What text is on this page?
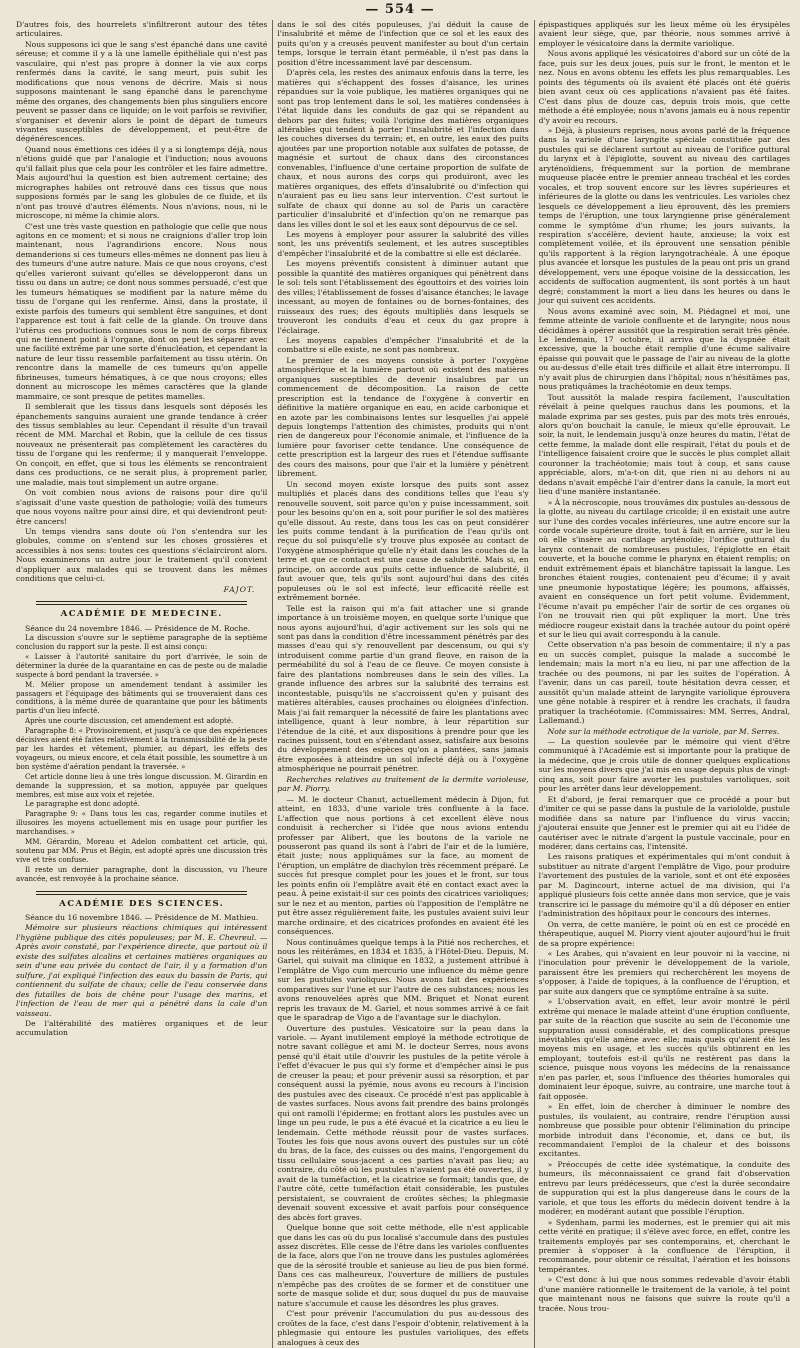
— 554 —

D'autres fois, des hourrelets s'infiltreront autour des têtes articulaires.

Nous supposons ici que le sang s'est épanché dans une cavité séreuse; et comme il y a là une lamelle épithéliale qui n'est pas vasculaire, qui n'est pas propre à donner la vie aux corps renfermés dans la cavité, le sang meurt, puis subit les modifications que nous venons de décrire. Mais si nous supposons maintenant le sang épanché dans le parenchyme même des organes, des changements bien plus singuliers encore peuvent se passer dans ce liquide; on le voit parfois se revivifier, s'organiser et devenir alors le point de départ de tumeurs vivantes susceptibles de développement, et peut-être de dégénérescences.

Quand nous émettions ces idées il y a si longtemps déjà, nous n'étions guidé que par l'analogie et l'induction; nous avouons qu'il fallait plus que cela pour les contrôler et les faire admettre. Mais aujourd'hui la question est bien autrement certaine; des micrographes habiles ont retrouvé dans ces tissus que nous supposions formés par le sang les globules de ce fluide, et ils n'ont pas trouvé d'autres éléments. Nous n'avions, nous, ni le microscope, ni même la chimie alors.

C'est une très vaste question en pathologie que celle que nous agitons en ce moment; et si nous ne craignions d'aller trop loin maintenant, nous l'agrandirions encore. Nous nous demanderions si ces tumeurs elles-mêmes ne donnent pas lieu à des tumeurs d'une autre nature. Mais ce que nous croyons, c'est qu'elles varieront suivant qu'elles se développeront dans un tissu ou dans un autre; ce dont nous sommes persuadé, c'est que les tumeurs hématiques se modifient par la nature même du tissu de l'organe qui les renferme. Ainsi, dans la prostate, il existe parfois des tumeurs qui semblent être sanguines, et dont l'apparence est tout à fait celle de la glande. On trouve dans l'utérus ces productions connues sous le nom de corps fibreux qui ne tiennent point à l'organe, dont on peut les séparer avec une facilité extrême par une sorte d'énucléation, et cependant la nature de leur tissu ressemble parfaitement au tissu utérin. On rencontre dans la mamelle de ces tumeurs qu'on appelle fibrineuses, tumeurs hématiques, à ce que nous croyons; elles donnent au microscope les mêmes caractères que la glande mammaire, ce sont presque de petites mamelles.

Il semblerait que les tissus dans lesquels sont déposés les épanchements sanguins auraient une grande tendance à créer des tissus semblables au leur. Cependant il résulte d'un travail récent de MM. Marchal et Robin, que la cellule de ces tissus nouveaux ne présenterait pas complètement les caractères du tissu de l'organe qui les renferme; il y manquerait l'enveloppe. On conçoit, en effet, que si tous les éléments se rencontraient dans ces productions, ce ne serait plus, à proprement parler, une maladie, mais tout simplement un autre organe.

On voit combien nous avions de raisons pour dire qu'il s'agissait d'une vaste question de pathologie; voilà des tumeurs que nous voyons naître pour ainsi dire, et qui deviendront peut-être cancers!

Un temps viendra sans doute où l'on s'entendra sur les globules, comme on s'entend sur les choses grossières et accessibles à nos sens: toutes ces questions s'éclairciront alors. Nous examinerons un autre jour le traitement qu'il convient d'appliquer aux malades qui se trouvent dans les mêmes conditions que celui-ci.

FAJOT.
ACADÉMIE DE MEDECINE.

Séance du 24 novembre 1846. — Présidence de M. Roche.

La discussion s'ouvre sur le septième paragraphe de la septième conclusion du rapport sur la peste. Il est ainsi conçu:

« Laisser à l'autorité sanitaire du port d'arrivée, le soin de déterminer la durée de la quarantaine en cas de peste ou de maladie suspecte à bord pendant la traversée. »

M. Mélier propose un amendement tendant à assimiler les passagers et l'équipage des bâtiments qui se trouveraient dans ces conditions, à la même durée de quarantaine que pour les bâtiments partis d'un lieu infecté.

Après une courte discussion, cet amendement est adopté.

Paragraphe 8: « Provisoirement, et jusqu'à ce que des expériences décisives aient été faites relativement à la transmissibilité de la peste par les hardes et vêtement, plumier, au départ, les effets des voyageurs, ou mieux encore, et cela était possible, les soumettre à un bon système d'aération pendant la traversée. »

Cet article donne lieu à une très longue discussion. M. Girardin en demande la suppression, et sa motion, appuyée par quelques membres, est mise aux voix et rejetée.

Le paragraphe est donc adopté.

Paragraphe 9: « Dans tous les cas, regarder comme inutiles et illusoires les moyens actuellement mis en usage pour purifier les marchandises. »

MM. Gérardin, Moreau et Adelon combattent cet article, qui, soutenu par MM. Prus et Bégin, est adopté après une discussion très vive et très confuse.

Il reste un dernier paragraphe, dont la discussion, vu l'heure avancée, est renvoyée à la prochaine séance.

ACADÉMIE DES SCIENCES.

Séance du 16 novembre 1846. — Présidence de M. Mathieu.

Mémoire sur plusieurs réactions chimiques qui intéressent l'hygiène publique des cités populeuses; par M. E. Chevreul. — Après avoir constaté, par l'expérience directe, que partout où il existe des sulfates alcalins et certaines matières organiques au sein d'une eau privée du contact de l'air, il y a formation d'un sulfure, j'ai expliqué l'infection des eaux du bassin de Paris, qui contiennent du sulfate de chaux; celle de l'eau conservée dans des futailles de bois de chêne pour l'usage des marins, et l'infection de l'eau de mer qui a pénétré dans la cale d'un vaisseau.

De l'altérabilité des matières organiques et de leur accumulation

dans le sol des cités populeuses, j'ai déduit la cause de l'insalubrité et même de l'infection que ce sol et les eaux des puits qu'on y a creusés peuvent manifester au bout d'un certain temps, lorsque le terrain étant perméable, il n'est pas dans la position d'être incessamment lavé par descensum.

D'après cela, les restes des animaux enfouis dans la terre, les matières qui s'échappent des fosses d'aisance, les urines répandues sur la voie publique, les matières organiques qui ne sont pas trop lentement dans le sol, les matières condensées à l'état liquide dans les conduits de gaz qui se répandent au dehors par des fuites; voilà l'origine des matières organiques altérables qui tendent à porter l'insalubrité et l'infection dans les couches diverses du terrain; et, en outre, les eaux des puits ajoutées par une proportion notable aux sulfates de potasse, de magnésie et surtout de chaux dans des circonstances convenables, l'influence d'une certaine proportion de sulfate de chaux, et nous aurons des corps qui produiront, avec les matières organiques, des effets d'insalubrité ou d'infection qui n'auraient pas eu lieu sans leur intervention. C'est surtout le sulfate de chaux qui donne au sol de Paris un caractère particulier d'insalubrité et d'infection qu'on ne remarque pas dans les villes dont le sol et les eaux sont dépourvus de ce sel.

Les moyens à employer pour assurer la salubrité des villes sont, les uns préventifs seulement, et les autres susceptibles d'empêcher l'insalubrité et de la combattre si elle est déclarée.

Les moyens préventifs consistent à diminuer autant que possible la quantité des matières organiques qui pénètrent dans le sol: tels sont l'établissement des égouttoirs et des voiries loin des villes; l'établissement de fosses d'aisance étanches; le lavage incessant, au moyen de fontaines ou de bornes-fontaines, des ruisseaux des rues; des égouts multipliés dans lesquels se trouveront les conduits d'eau et ceux du gaz propre à l'éclairage.

Les moyens capables d'empêcher l'insalubrité et de la combattre si elle existe, ne sont pas nombreux.

Le premier de ces moyens consiste à porter l'oxygène atmosphérique et la lumière partout où existent des matières organiques susceptibles de devenir insalubres par un commencement de décomposition. La raison de cette prescription est la tendance de l'oxygène à convertir en définitive la matière organique en eau, en acide carbonique et en azote par les combinaisons lentes sur lesquelles j'ai appelé depuis longtemps l'attention des chimistes, produits qui n'ont rien de dangereux pour l'économie animale, et l'influence de la lumière pour favoriser cette tendance. Une conséquence de cette prescription est la largeur des rues et l'étendue suffisante des cours des maisons, pour que l'air et la lumière y pénètrent librement.

Un second moyen existe lorsque des puits sont assez multipliés et placés dans des conditions telles que l'eau s'y renouvelle souvent, soit parce qu'on y puise incessamment, soit pour les besoins qu'on en a, soit pour purifier le sol des matières qu'elle dissout. Au reste, dans tous les cas on peut considérer les puits comme tendant à la purification de l'eau qu'ils ont reçue du sol puisqu'elle s'y trouve plus exposée au contact de l'oxygène atmosphérique qu'elle n'y était dans les couches de la terre et que ce contact est une cause de salubrité. Mais si, en principe, on accorde aux puits cette influence de salubrité, il faut avouer que, tels qu'ils sont aujourd'hui dans des cités populeuses où le sol est infecté, leur efficacité réelle est extrêmement bornée.

Telle est la raison qui m'a fait attacher une si grande importance à un troisième moyen, en quelque sorte l'unique que nous ayons aujourd'hui, d'agir activement sur les sols qui ne sont pas dans la condition d'être incessamment pénétrés par des masses d'eau qui s'y renouvellent par descensum, ou qui s'y introduisent comme partie d'un grand fleuve, en raison de la perméabilité du sol à l'eau de ce fleuve. Ce moyen consiste à faire des plantations nombreuses dans le sein des villes. La grande influence des arbres sur la salubrité des terrains est incontestable, puisqu'ils ne s'accroissent qu'en y puisant des matières altérables, causes prochaines ou éloignées d'infection. Mais j'ai fait remarquer la nécessité de faire les plantations avec intelligence, quant à leur nombre, à leur répartition sur l'étendue de la cité, et aux dispositions à prendre pour que les racines puissent, tout en s'étendant assez, satisfaire aux besoins du développement des espèces qu'on a plantées, sans jamais être exposées à atteindre un sol infecté déjà ou à l'oxygène atmosphérique ne pourrait pénétrer.

Recherches relatives au traitement de la dermite varioleuse, par M. Piorry.

— M. le docteur Chanut, actuellement médecin à Dijon, fut atteint, en 1833, d'une variole très confluente à la face. L'affection que nous portions à cet excellent élève nous conduisit à rechercher si l'idée que nous avions entendu professer par Alibert, que les boutons de la variole ne pousseront pas quand ils sont à l'abri de l'air et de la lumière, était juste; nous appliquâmes sur la face, au moment de l'éruption, un emplâtre de diachylon très récemment préparé. Le succès fut presque complet pour les joues et le front, sur tous les points enfin où l'emplâtre avait été en contact exact avec la peau. À peine existait-il sur ces points des cicatrices varioliques; sur le nez et au menton, parties où l'apposition de l'emplâtre ne put être assez régulièrement faite, les pustules avaient suivi leur marche ordinaire, et des cicatrices profondes en avaient été les conséquences.

Nous continuâmes quelque temps à la Pitié nos recherches, et nous les réitérâmes, en 1834 et 1835, à l'Hôtel-Dieu. Depuis, M. Gariel, qui suivait ma clinique en 1832, a justement attribué à l'emplâtre de Vigo cum mercurio une influence du même genre sur les pustules varioliques. Nous avons fait des expériences comparatives sur l'une et sur l'autre de ces substances; nous les avons renouvelées après que MM. Briquet et Nonat eurent repris les travaux de M. Gariel, et nous sommes arrivé à ce fait que le sparadrap de Vigo a de l'avantage sur le diachylon.

Ouverture des pustules. Vésicatoire sur la peau dans la variole. — Ayant inutilement employé la méthode ectrotique de notre savant collègue et ami M. le docteur Serres, nous avons pensé qu'il était utile d'ouvrir les pustules de la petite vérole à l'effet d'évacuer le pus qui s'y forme et d'empêcher ainsi le pus de creuser la peau; et pour prévenir aussi sa résorption, et par conséquent aussi la pyémie, nous avons eu recours à l'incision des pustules avec des ciseaux. Ce procédé n'est pas applicable à de vastes surfaces. Nous avons fait prendre des bains prolongés qui ont ramolli l'épiderme; en frottant alors les pustules avec un linge un peu rude, le pus a été évacué et la cicatrice a eu lieu le lendemain. Cette méthode réussit pour de vastes surfaces. Toutes les fois que nous avons ouvert des pustules sur un côté du bras, de la face, des cuisses ou des mains, l'engorgement du tissu cellulaire sous-jacent a ces parties n'avait pas lieu; au contraire, du côté où les pustules n'avaient pas été ouvertes, il y avait de la tuméfaction, et la cicatrice se formait; tandis que, de l'autre côté, cette tuméfaction était considérable, les pustules persistaient, se couvraient de croûtes sèches; la phlegmasie devenait souvent excessive et avait parfois pour conséquence des abcès fort graves.

Quelque bonne que soit cette méthode, elle n'est applicable que dans les cas où du pus localisé s'accumule dans des pustules assez discrètes. Elle cesse de l'être dans les varioles confluentes de la face, alors que l'on ne trouve dans les pustules aglomérées que de la sérosité trouble et sanieuse au lieu de pus bien formé. Dans ces cas malheureux, l'ouverture de milliers de pustules n'empêche pas des croûtes de se former et de constituer une sorte de masque solide et dur, sous duquel du pus de mauvaise nature s'accumule et cause les désordres les plus graves.

C'est pour prévenir l'accumulation du pus au-dessous des croûtes de la face, c'est dans l'espoir d'obtenir, relativement à la phlegmasie qui entoure les pustules varioliques, des effets analogues à ceux des

épispastiques appliqués sur les lieux même où les érysipèles avaient leur siège, que, par théorie, nous sommes arrivé à employer le vésicatoire dans la dermite variolique.

Nous avons appliqué les vésicatoires d'abord sur un côté de la face, puis sur les deux joues, puis sur le front, le menton et le nez. Nous en avons obtenu les effets les plus remarquables. Les points des téguments où ils avaient été placés ont été guéris bien avant ceux où ces applications n'avaient pas été faites. C'est dans plus de douze cas, depuis trois mois, que cette méthode a été employée; nous n'avons jamais eu à nous repentir d'y avoir eu recours.

» Déjà, à plusieurs reprises, nous avons parlé de la fréquence dans la variole d'une laryngite spéciale constituée par des pustules qui se déclarent surtout au niveau de l'orifice guttural du larynx et à l'épiglotte, souvent au niveau des cartilages aryténoïdiens, fréquemment sur la portion de membrane muqueuse placée entre le premier anneau trachéal et les cordes vocales, et trop souvent encore sur les lèvres supérieures et inférieures de la glotte ou dans les ventricules. Les varioles chez lesquels ce développement a lieu éprouvent, dès les premiers temps de l'éruption, une toux laryngienne prise généralement comme le symptôme d'un rhume; les jours suivants, la respiration s'accélère, devient haute, anxieuse; la voix est complètement voilée, et ils éprouvent une sensation pénible qu'ils rapportent à la région laryngotrachéale. À une époque plus avancée et lorsque les pustules de la peau ont pris un grand développement, vers une époque voisine de la dessiccation, les accidents de suffocation augmentent, ils sont portés à un haut degré; constamment la mort a lieu dans les heures ou dans le jour qui suivent ces accidents.

Nous avons examiné avec soin, M. Piédagnel et moi, une femme atteinte de variole confluente et de laryngite; nous nous décidâmes à opérer aussitôt que la respiration serait très gênée. Le lendemain, 17 octobre, il arriva que la dyspnée était excessive, que la bouche était remplie d'une écume salivaire épaisse qui pouvait que le passage de l'air au niveau de la glotte ou au-dessus d'elle était très difficile et allait être interrompu. Il n'y avait plus de chirurgien dans l'hôpital; nous n'hésitâmes pas, nous pratiquâmes la trachéotomie en deux temps.

Tout aussitôt la malade respira facilement, l'auscultation révélait à peine quelques rauchus dans les poumons, et la malade exprima par ses gestes, puis par des mots très enroués, alors qu'on bouchait la canule, le mieux qu'elle éprouvait. Le soir, la nuit, le lendemain jusqu'à onze heures du matin, l'état de cette femme, la malade dont elle respirait, l'état du pouls et de l'intelligence faisaient croire que le succès le plus complet allait couronner la trachéotomie; mais tout à coup, et sans cause appréciable, alors, m'a-t-on dit, que rien ni au dehors ni au dedans n'avait empêché l'air d'entrer dans la canule, la mort eut lieu d'une manière instantanée.

» À la nécroscopie, nous trouvâmes dix pustules au-dessous de la glotte, au niveau du cartilage cricoïde; il en existait une autre sur l'une des cordes vocales inférieures, une autre encore sur la corde vocale supérieure droite, tout à fait en arrière, sur le lieu où elle s'insère au cartilage aryténoïde; l'orifice guttural du larynx contenait de nombreuses pustules, l'épiglotte en était couverte, et la bouche comme le pharynx en étaient remplis; on enduit extrêmement épais et blanchâtre tapissait la langue. Les bronches étaient rougies, contenaient peu d'écume; il y avait une pneumonie hypostatique légère; les poumons, affaissés, avaient en conséquence un fort petit volume. Évidemment, l'écume n'avait pu empêcher l'air de sortir de ces organes où l'on ne trouvait rien qui pût expliquer la mort. Une très médiocre rougeur existait dans la trachée autour du point opéré et sur le lieu qui avait correspondu à la canule.

Cette observation n'a pas besoin de commentaire; il n'y a pas eu un succès complet, puisque la malade a succombé le lendemain; mais la mort n'a eu lieu, ni par une affection de la trachée ou des poumons, ni par les suites de l'opération. À l'avenir, dans un cas pareil, toute hésitation devra cesser, et aussitôt qu'un malade atteint de laryngite variolique éprouvera une gêne notable à respirer et à rendre les crachats, il faudra pratiquer la trachéotomie. (Commissaires: MM. Serres, Andral, Lallemand.)

Note sur la méthode ectrotique de la variole, par M. Serres.

— La question soulevée par le mémoire qui vient d'être communiqué à l'Académie est si importante pour la pratique de la médecine, que je crois utile de donner quelques explications sur les moyens divers que j'ai mis en usage depuis plus de vingt-cinq ans, soit pour faire avorter les pustules varioliques, soit pour les arrêter dans leur développement.

Et d'abord, je ferai remarquer que ce procédé a pour but d'imiter ce qui se passe dans la pustule de la variololde, pustule modifiée dans sa nature par l'influence du virus vaccin; j'ajouterai ensuite que Jenner est le premier qui ait eu l'idée de cautériser avec le nitrate d'argent la pustule vaccinale, pour en modérer, dans certains cas, l'intensité.

Les raisons pratiques et expérimentales qui m'ont conduit à substituer au nitrate d'argent l'emplâtre de Vigo, pour produire l'avortement des pustules de la variole, sont et ont été exposées par M. Dagincourt, interne actuel de ma division, qui l'a appliqué plusieurs fois cette année dans mon service, que je vais transcrire ici le passage du mémoire qu'il a dû déposer en entier l'administration des hôpitaux pour le concours des internes.

On verra, de cette manière, le point où en est ce procédé en thérapeutique, auquel M. Piorry vient ajouter aujourd'hui le fruit de sa propre expérience:

« Les Arabes, qui n'avaient en leur pouvoir ni la vaccine, ni l'inoculation pour prévenir le développement de la variole, paraissent être les premiers qui recherchèrent les moyens de s'opposer, à l'aide de topiques, à la confluence de l'éruption, et par suite aux dangers que ce symptôme entraîne à sa suite.

» L'observation avait, en effet, leur avoir montré le péril extrême qui menace le malade atteint d'une éruption confluente, par suite de la réaction que suscite au sein de l'économie une suppuration aussi considérable, et des complications presque inévitables qu'elle amène avec elle; mais quels qu'aient été les moyens mis en usage, et les succès qu'ils obtinrent en les employant, toutefois est-il qu'ils ne restèrent pas dans la science, puisque nous voyons les médecins de la renaissance n'en pas parler, et, sous l'influence des théories humorales qui dominaient leur époque, suivre, au contraire, une marche tout à fait opposée.

» En effet, loin de chercher à diminuer le nombre des pustules, ils voulaient, au contraire, rendre l'éruption aussi nombreuse que possible pour obtenir l'élimination du principe morbide introduit dans l'économie, et, dans ce but, ils recommandaient l'emploi de la chaleur et des boissons excitantes.

» Préoccupés de cette idée systématique, la conduite des humeurs, ils méconnaissaient ce grand fait d'observation entrevu par leurs prédécesseurs, que c'est la durée secondaire de suppuration qui est la plus dangereuse dans le cours de la variole, et que tous les efforts du médecin doivent tendre à la modérer, en modérant autant que possible l'éruption.

» Sydenham, parmi les modernes, est le premier qui ait mis cette vérité en pratique; il s'élève avec force, en effet, contre les traitements employés par ses contemporains, et, cherchant le premier à s'opposer à la confluence de l'éruption, il recommande, pour obtenir ce résultat, l'aération et les boissons tempérantes.

» C'est donc à lui que nous sommes redevable d'avoir établi d'une manière rationnelle le traitement de la variole, à tel point que maintenant nous ne faisons que suivre la route qu'il a tracée. Nous trou-
